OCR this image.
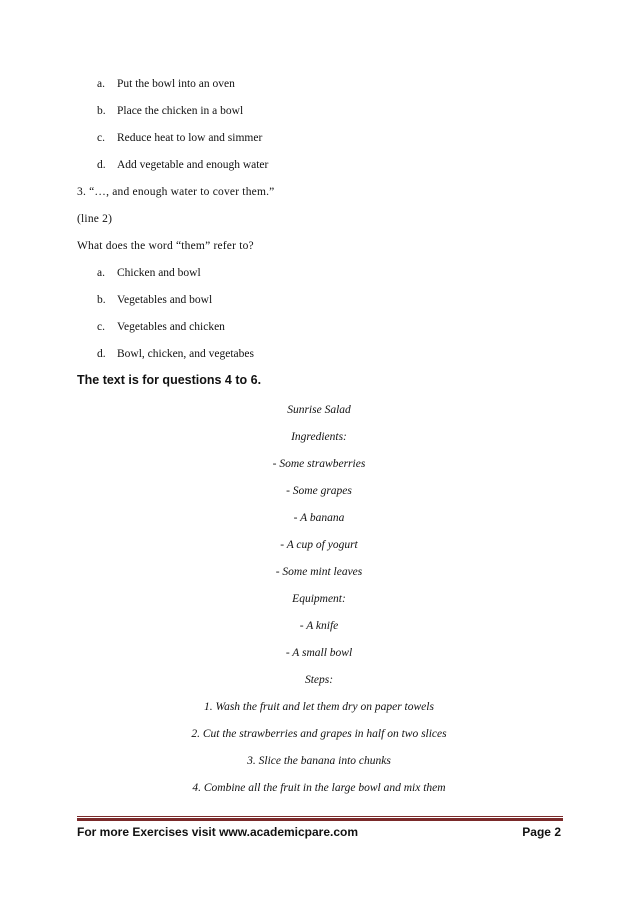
a. Put the bowl into an oven
b. Place the chicken in a bowl
c. Reduce heat to low and simmer
d. Add vegetable and enough water
3. “…, and enough water to cover them.”
(line 2)
What does the word “them” refer to?
a. Chicken and bowl
b. Vegetables and bowl
c. Vegetables and chicken
d. Bowl, chicken, and vegetabes
The text is for questions 4 to 6.
Sunrise Salad
Ingredients:
- Some strawberries
- Some grapes
- A banana
- A cup of yogurt
- Some mint leaves
Equipment:
- A knife
- A small bowl
Steps:
1. Wash the fruit and let them dry on paper towels
2. Cut the strawberries and grapes in half on two slices
3. Slice the banana into chunks
4. Combine all the fruit in the large bowl and mix them
For more Exercises visit www.academicpare.com	Page 2
